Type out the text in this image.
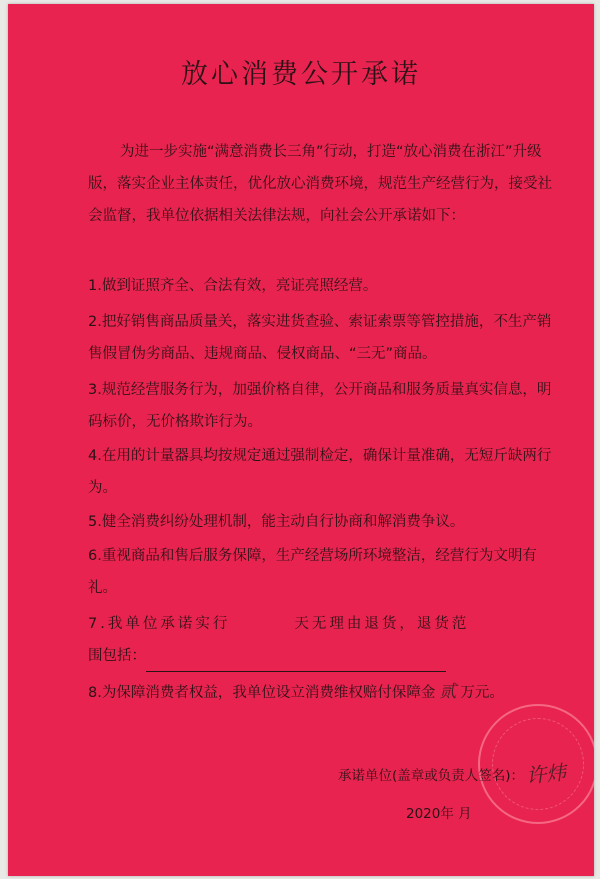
放心消费公开承诺
为进一步实施“满意消费长三角”行动，打造“放心消费在浙江”升级版，落实企业主体责任，优化放心消费环境，规范生产经营行为，接受社会监督，我单位依据相关法律法规，向社会公开承诺如下：
1.做到证照齐全、合法有效，亮证亮照经营。
2.把好销售商品质量关，落实进货查验、索证索票等管控措施，不生产销售假冒伪劣商品、违规商品、侵权商品、“三无”商品。
3.规范经营服务行为，加强价格自律，公开商品和服务质量真实信息，明码标价，无价格欺诈行为。
4.在用的计量器具均按规定通过强制检定，确保计量准确，无短斤缺两行为。
5.健全消费纠纷处理机制，能主动自行协商和解消费争议。
6.重视商品和售后服务保障，生产经营场所环境整洁，经营行为文明有礼。
7.我单位承诺实行	天无理由退货，退货范
围包括：
8.为保障消费者权益，我单位设立消费维权赔付保障金 贰 万元。
承诺单位(盖章或负责人签名)： 许炜
2020年 月
